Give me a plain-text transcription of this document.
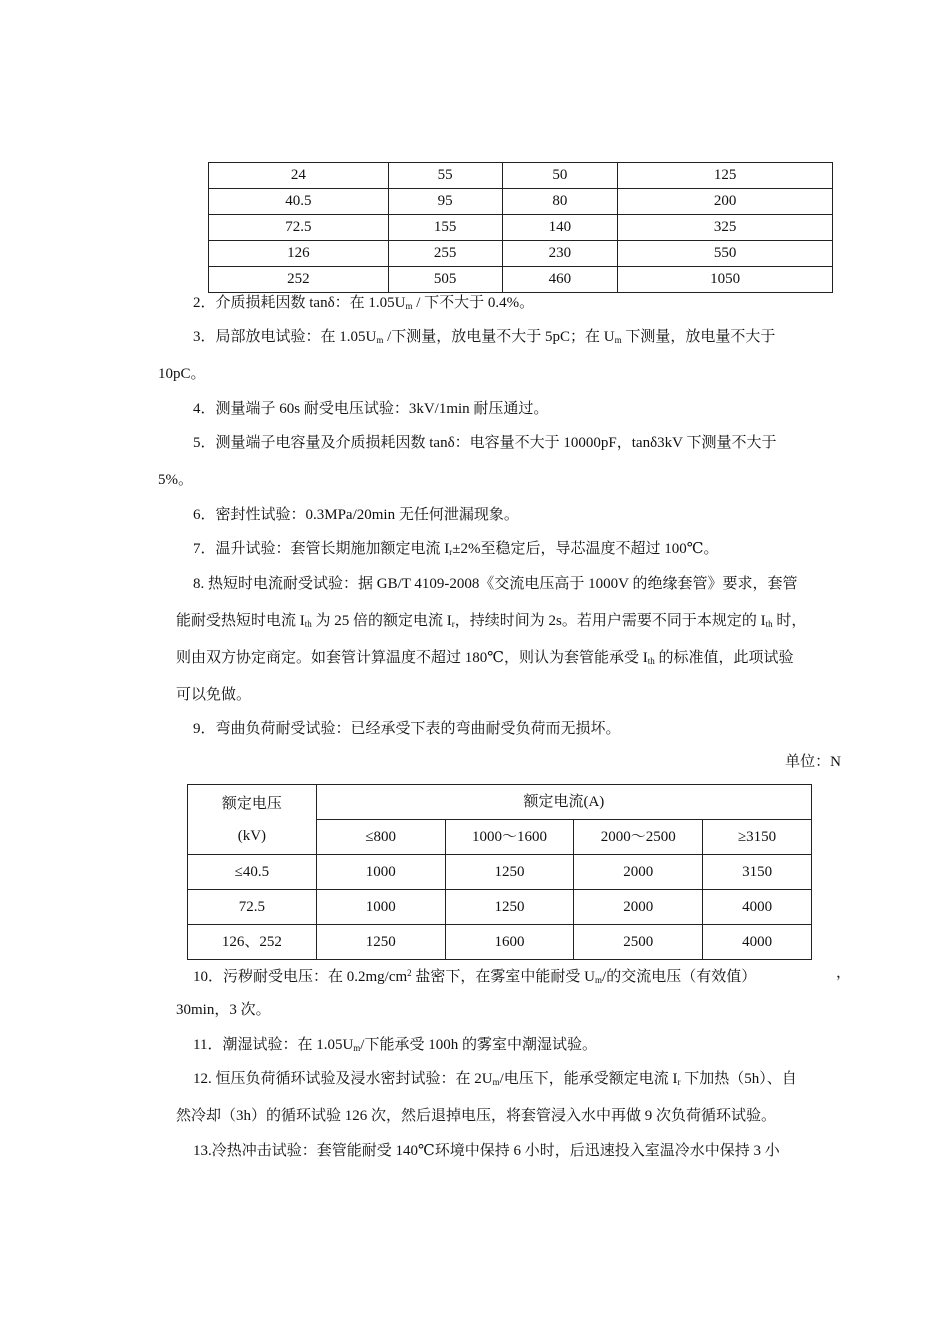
24	55	50	125
40.5	95	80	200
72.5	155	140	325
126	255	230	550
252	505	460	1050
2．介质损耗因数 tanδ：在 $1.05U_m$ / 下不大于 0.4%。
3．局部放电试验：在 $1.05U_m$ /下测量，放电量不大于 5pC；在 $U_m$ 下测量，放电量不大于
10pC。
4．测量端子 60s 耐受电压试验：3kV/1min 耐压通过。
5．测量端子电容量及介质损耗因数 tanδ：电容量不大于 10000pF，tanδ3kV 下测量不大于
5%。
6．密封性试验：0.3MPa/20min 无任何泄漏现象。
7．温升试验：套管长期施加额定电流 $I_r\pm 2\%$至稳定后，导芯温度不超过 100℃。
8. 热短时电流耐受试验：据 GB/T 4109-2008《交流电压高于 1000V 的绝缘套管》要求，套管
能耐受热短时电流 $I_{th}$ 为 25 倍的额定电流 $I_r$，持续时间为 2s。若用户需要不同于本规定的 $I_{th}$ 时，
则由双方协定商定。如套管计算温度不超过 180℃，则认为套管能承受 $I_{th}$ 的标准值，此项试验
可以免做。
9．弯曲负荷耐受试验：已经承受下表的弯曲耐受负荷而无损坏。
单位：N
额定电压
(kV)	额定电流(A)			
	≤800	1000～1600	2000～2500	≥3150
≤40.5	1000	1250	2000	3150
72.5	1000	1250	2000	4000
126、252	1250	1600	2500	4000
10．污秽耐受电压：在 $0.2mg/cm^2$ 盐密下，在雾室中能耐受 $U_m/$的交流电压（有效值）	，
30min，3 次。
11．潮湿试验：在 $1.05U_m/$下能承受 100h 的雾室中潮湿试验。
12. 恒压负荷循环试验及浸水密封试验：在 $2U_m/$电压下，能承受额定电流 $I_r$ 下加热（5h）、自
然冷却（3h）的循环试验 126 次，然后退掉电压，将套管浸入水中再做 9 次负荷循环试验。
13.冷热冲击试验：套管能耐受 140℃环境中保持 6 小时，后迅速投入室温冷水中保持 3 小
